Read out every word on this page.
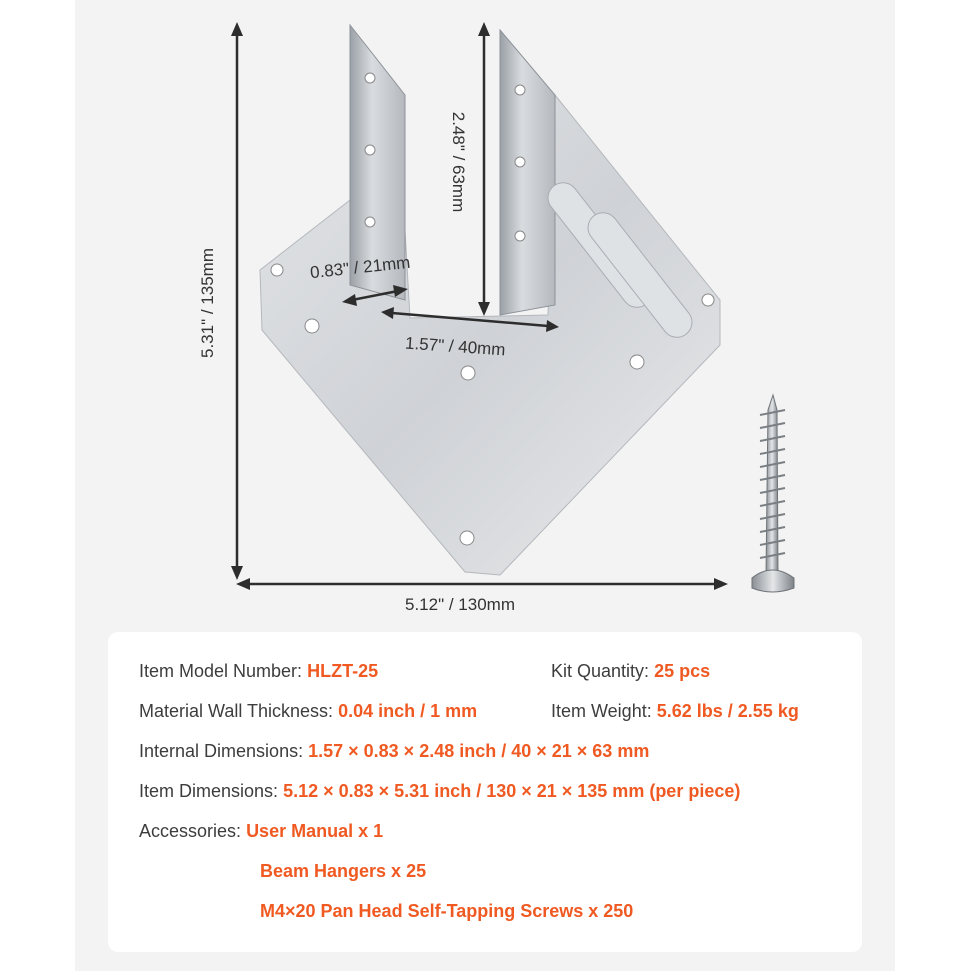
5.31" / 135mm
5.12" / 130mm
2.48" / 63mm
0.83" / 21mm
1.57" / 40mm
Item Model Number: HLZT-25	Kit Quantity: 25 pcs
Material Wall Thickness: 0.04 inch / 1 mm	Item Weight: 5.62 lbs / 2.55 kg
Internal Dimensions: 1.57 × 0.83 × 2.48 inch / 40 × 21 × 63 mm
Item Dimensions: 5.12 × 0.83 × 5.31 inch / 130 × 21 × 135 mm (per piece)
Accessories: User Manual x 1
Beam Hangers x 25
M4×20 Pan Head Self-Tapping Screws x 250
